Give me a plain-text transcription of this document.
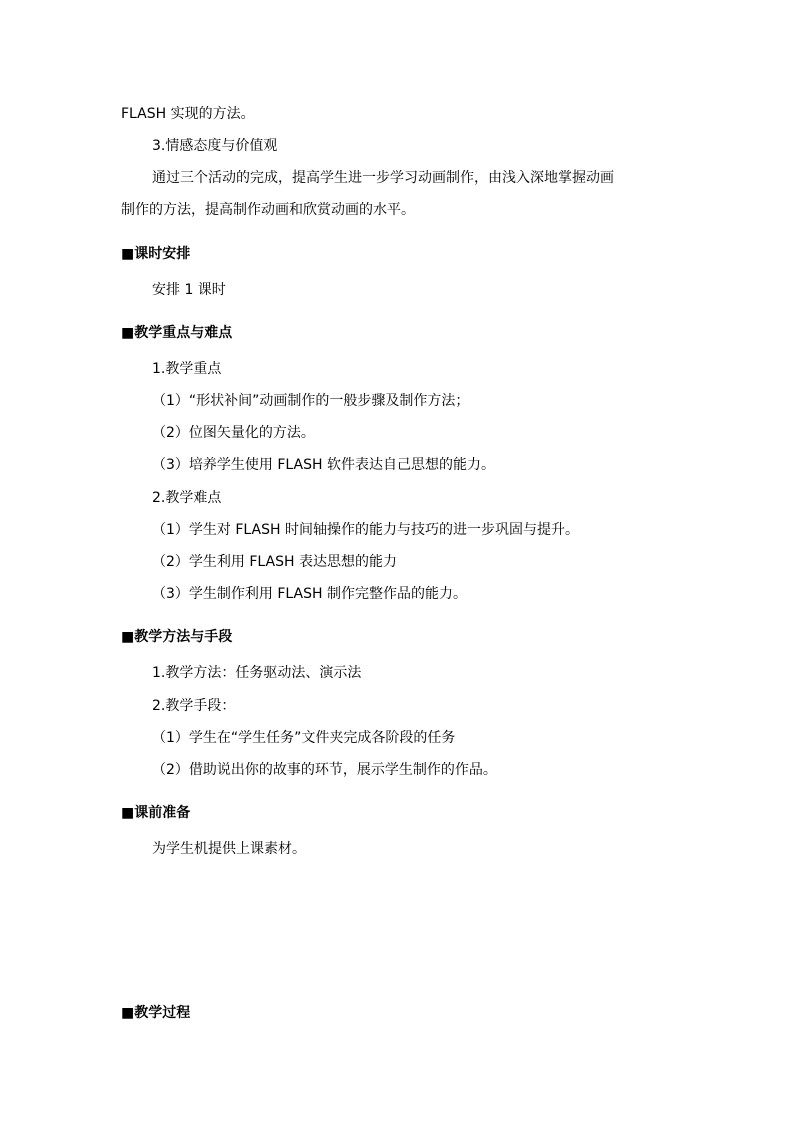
FLASH 实现的方法。

3.情感态度与价值观

通过三个活动的完成，提高学生进一步学习动画制作，由浅入深地掌握动画

制作的方法，提高制作动画和欣赏动画的水平。

■课时安排

安排 1 课时

■教学重点与难点

1.教学重点

（1）“形状补间”动画制作的一般步骤及制作方法；

（2）位图矢量化的方法。

（3）培养学生使用 FLASH 软件表达自己思想的能力。

2.教学难点

（1）学生对 FLASH 时间轴操作的能力与技巧的进一步巩固与提升。

（2）学生利用 FLASH 表达思想的能力

（3）学生制作利用 FLASH 制作完整作品的能力。

■教学方法与手段

1.教学方法：任务驱动法、演示法

2.教学手段：

（1）学生在“学生任务”文件夹完成各阶段的任务

（2）借助说出你的故事的环节，展示学生制作的作品。

■课前准备

为学生机提供上课素材。

■教学过程
